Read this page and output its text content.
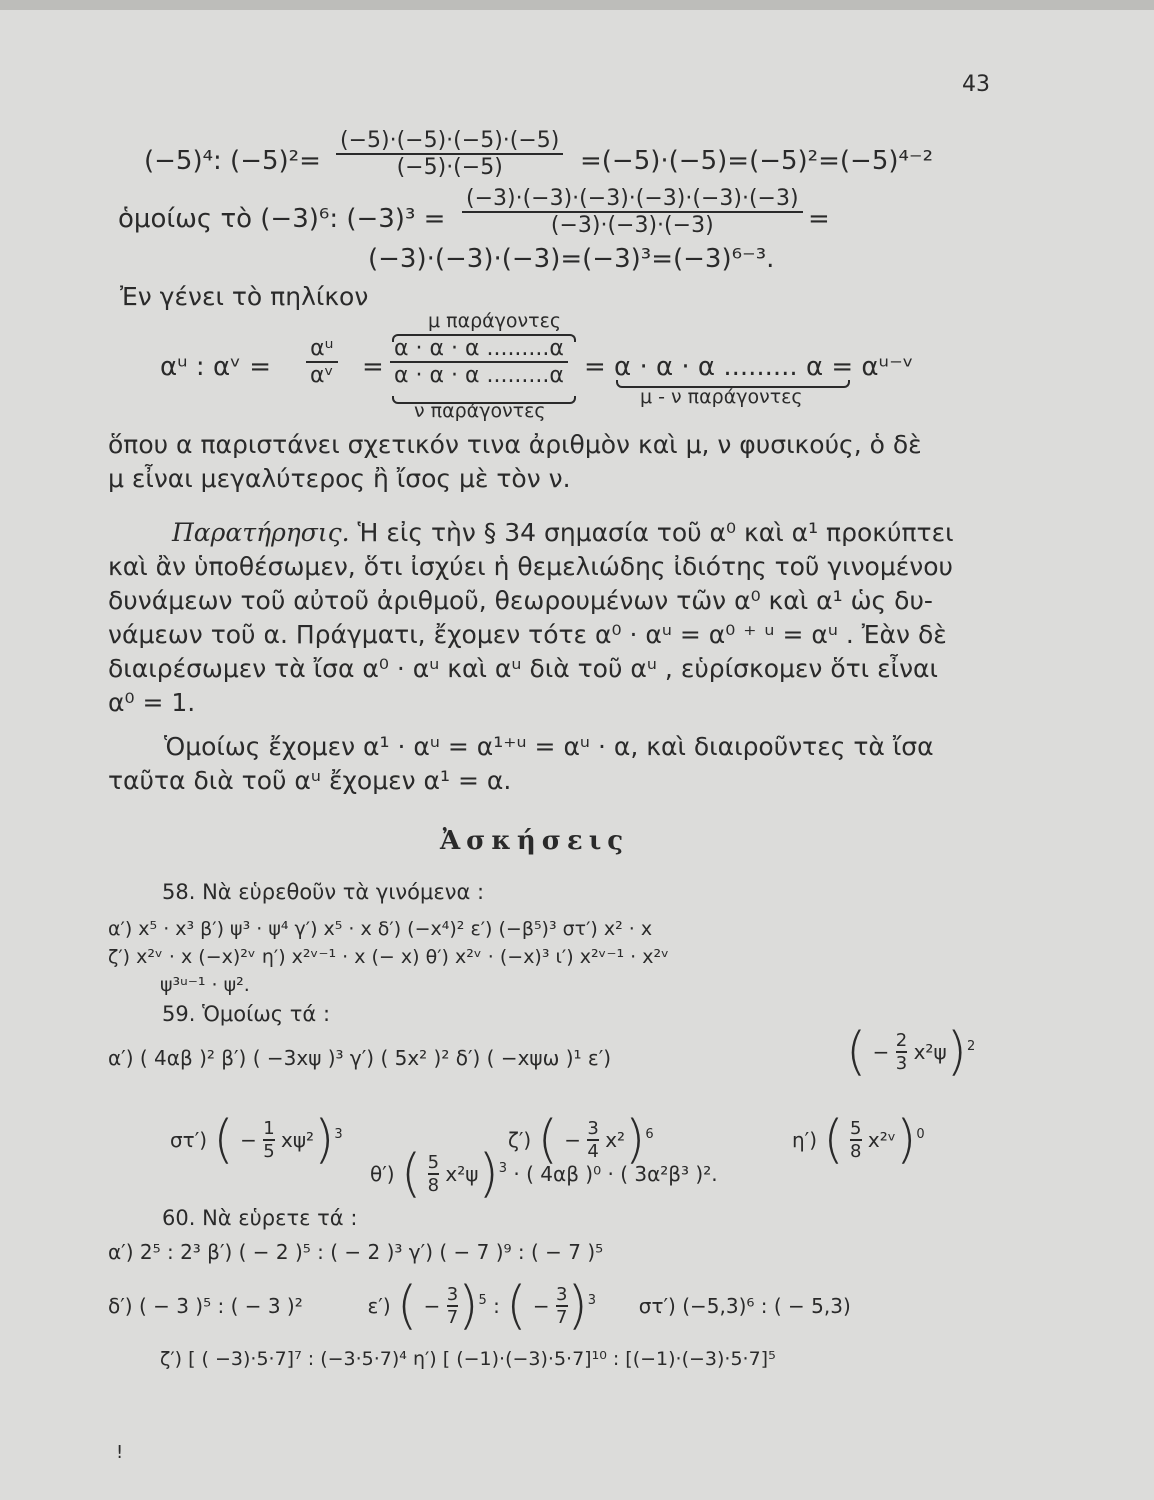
43
(−5)⁴: (−5)²=
(−5)·(−5)·(−5)·(−5)
(−5)·(−5)	=(−5)·(−5)=(−5)²=(−5)⁴⁻²
ὁμοίως τὸ (−3)⁶: (−3)³ =
(−3)·(−3)·(−3)·(−3)·(−3)·(−3)
(−3)·(−3)·(−3)	=
(−3)·(−3)·(−3)=(−3)³=(−3)⁶⁻³.
Ἐν γένει τὸ πηλίκον
μ παράγοντες
αᵘ : αᵛ =
αᵘ
αᵛ =
α · α · α .........α
α · α · α .........α = α · α · α ......... α = αᵘ⁻ᵛ
ν παράγοντες
μ - ν παράγοντες
ὅπου α παριστάνει σχετικόν τινα ἀριθμὸν καὶ μ, ν φυσικούς, ὁ δὲ
μ εἶναι μεγαλύτερος ἢ ἴσος μὲ τὸν ν.
Παρατήρησις. Ἡ εἰς τὴν § 34 σημασία τοῦ α⁰ καὶ α¹ προκύπτει
καὶ ἂν ὑποθέσωμεν, ὅτι ἰσχύει ἡ θεμελιώδης ἰδιότης τοῦ γινομένου
δυνάμεων τοῦ αὐτοῦ ἀριθμοῦ, θεωρουμένων τῶν α⁰ καὶ α¹ ὡς δυ-
νάμεων τοῦ α. Πράγματι, ἔχομεν τότε α⁰ · αᵘ = α⁰ ⁺ ᵘ = αᵘ . Ἐὰν δὲ
διαιρέσωμεν τὰ ἴσα α⁰ · αᵘ καὶ αᵘ διὰ τοῦ αᵘ , εὑρίσκομεν ὅτι εἶναι
α⁰ = 1.
Ὁμοίως ἔχομεν α¹ · αᵘ = α¹⁺ᵘ = αᵘ · α, καὶ διαιροῦντες τὰ ἴσα
ταῦτα διὰ τοῦ αᵘ ἔχομεν α¹ = α.
Ἀσκήσεις
58. Νὰ εὑρεθοῦν τὰ γινόμενα :
α′) x⁵ · x³ β′) ψ³ · ψ⁴ γ′) x⁵ · x δ′) (−x⁴)² ε′) (−β⁵)³ στ′) x² · x
ζ′) x²ᵛ · x (−x)²ᵛ η′) x²ᵛ⁻¹ · x (− x) θ′) x²ᵛ · (−x)³ ι′) x²ᵛ⁻¹ · x²ᵛ
ψ³ᵘ⁻¹ · ψ².
59. Ὁμοίως τά :
α′) ( 4αβ )² β′) ( −3xψ )³ γ′) ( 5x² )² δ′) ( −xψω )¹ ε′)	( − $\frac{2}{3} x^2\psi)^2$
στ′) ( − $\frac{1}{5} x\psi^2)^3$	ζ′) ( − $\frac{3}{4} x^2)^6$	η′) ( $\frac{5}{8}$ x²ᵛ)$^0$
θ′) ( $\frac{5}{8} x^2\psi)^3$ · ( 4αβ )⁰ · ( 3α²β³ )².
60. Νὰ εὑρετε τά :
α′) 2⁵ : 2³ β′) ( − 2 )⁵ : ( − 2 )³ γ′) ( − 7 )⁹ : ( − 7 )⁵
δ′) ( − 3 )⁵ : ( − 3 )²	ε′) ( − $\frac{3}{7} )^5$ : ( − $\frac{3}{7} )^3$ στ′) (−5,3)⁶ : ( − 5,3)
ζ′) [ ( −3)·5·7]⁷ : (−3·5·7)⁴ η′) [ (−1)·(−3)·5·7]¹⁰ : [(−1)·(−3)·5·7]⁵
!
